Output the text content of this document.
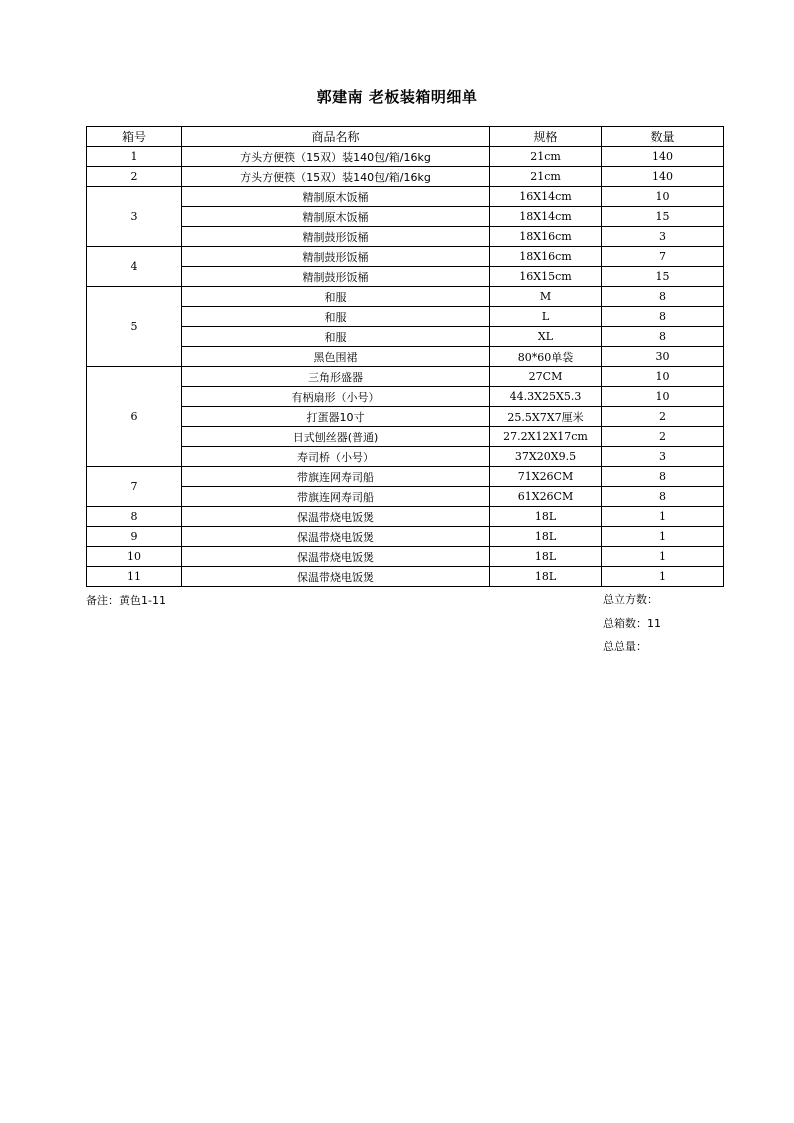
郭建南 老板装箱明细单
箱号	商品名称	规格	数量
1	方头方便筷（15双）装140包/箱/16kg	21cm	140
2	方头方便筷（15双）装140包/箱/16kg	21cm	140
3	精制原木饭桶	16X14cm	10
	精制原木饭桶	18X14cm	15
	精制鼓形饭桶	18X16cm	3
4	精制鼓形饭桶	18X16cm	7
	精制鼓形饭桶	16X15cm	15
5	和服	M	8
	和服	L	8
	和服	XL	8
	黑色围裙	80*60单袋	30
6	三角形盛器	27CM	10
	有柄扇形（小号）	44.3X25X5.3	10
	打蛋器10寸	25.5X7X7厘米	2
	日式刨丝器(普通)	27.2X12X17cm	2
	寿司桥（小号）	37X20X9.5	3
7	带旗连网寿司船	71X26CM	8
	带旗连网寿司船	61X26CM	8
8	保温带烧电饭煲	18L	1
9	保温带烧电饭煲	18L	1
10	保温带烧电饭煲	18L	1
11	保温带烧电饭煲	18L	1
备注：黄色1-11	总立方数：
总箱数：11
总总量：
